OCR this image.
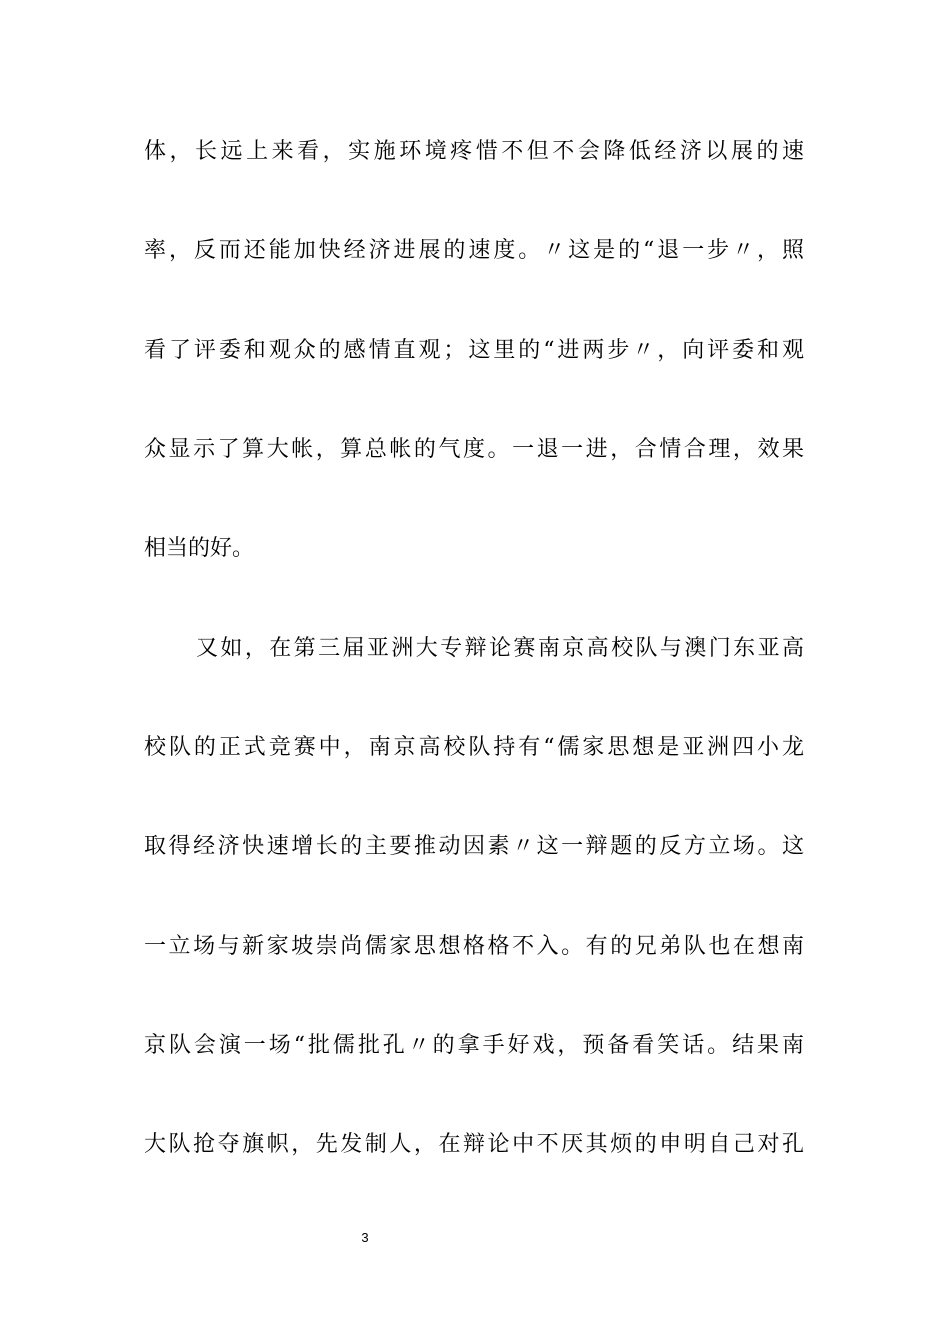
体，长远上来看，实施环境疼惜不但不会降低经济以展的速
率，反而还能加快经济进展的速度。〃这是的“退一步〃，照
看了评委和观众的感情直观；这里的“进两步〃，向评委和观
众显示了算大帐，算总帐的气度。一退一进，合情合理，效果
相当的好。
又如，在第三届亚洲大专辩论赛南京高校队与澳门东亚高
校队的正式竞赛中，南京高校队持有“儒家思想是亚洲四小龙
取得经济快速增长的主要推动因素〃这一辩题的反方立场。这
一立场与新家坡崇尚儒家思想格格不入。有的兄弟队也在想南
京队会演一场“批儒批孔〃的拿手好戏，预备看笑话。结果南
大队抢夺旗帜，先发制人，在辩论中不厌其烦的申明自己对孔
3
